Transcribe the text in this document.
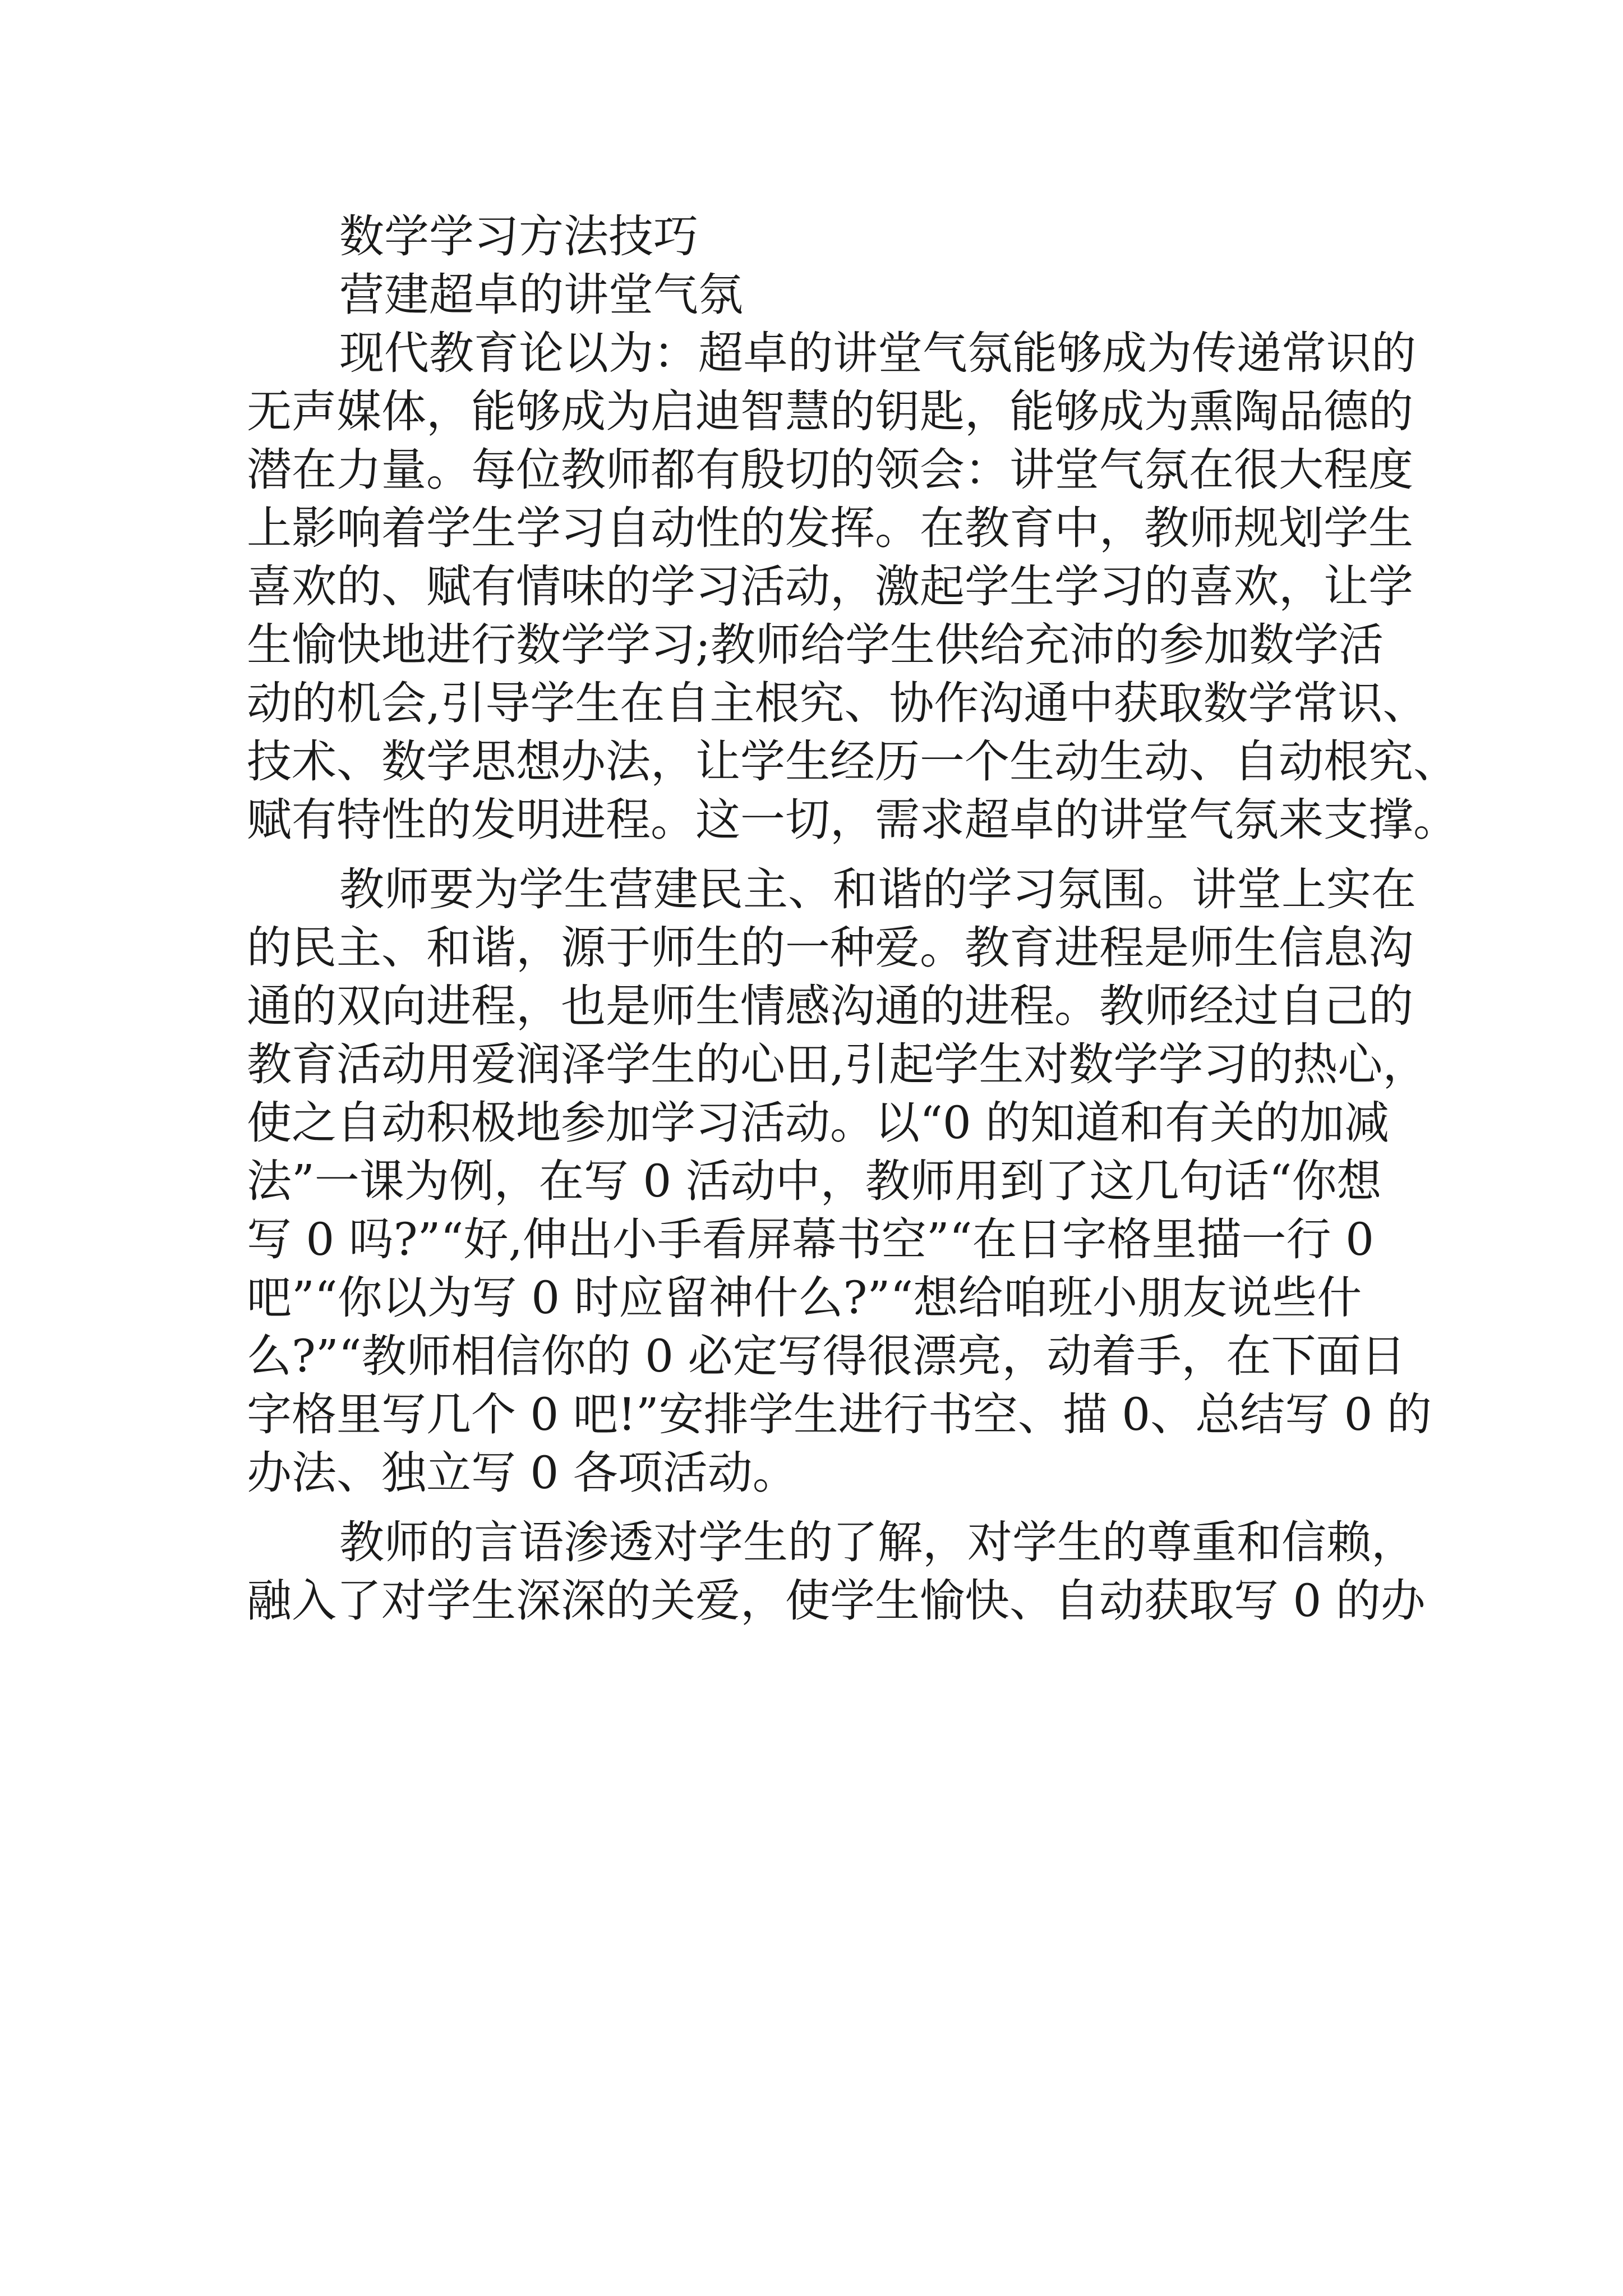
数学学习方法技巧

营建超卓的讲堂气氛

现代教育论以为：超卓的讲堂气氛能够成为传递常识的

无声媒体，能够成为启迪智慧的钥匙，能够成为熏陶品德的

潜在力量。每位教师都有殷切的领会：讲堂气氛在很大程度

上影响着学生学习自动性的发挥。在教育中，教师规划学生

喜欢的、赋有情味的学习活动，激起学生学习的喜欢，让学

生愉快地进行数学学习;教师给学生供给充沛的参加数学活

动的机会,引导学生在自主根究、协作沟通中获取数学常识、

技术、数学思想办法，让学生经历一个生动生动、自动根究、

赋有特性的发明进程。这一切，需求超卓的讲堂气氛来支撑。

教师要为学生营建民主、和谐的学习氛围。讲堂上实在

的民主、和谐，源于师生的一种爱。教育进程是师生信息沟

通的双向进程，也是师生情感沟通的进程。教师经过自己的

教育活动用爱润泽学生的心田,引起学生对数学学习的热心，

使之自动积极地参加学习活动。以“0 的知道和有关的加减

法”一课为例，在写 0 活动中，教师用到了这几句话“你想

写 0 吗?”“好,伸出小手看屏幕书空”“在日字格里描一行 0

吧”“你以为写 0 时应留神什么?”“想给咱班小朋友说些什

么?”“教师相信你的 0 必定写得很漂亮，动着手，在下面日

字格里写几个 0 吧!”安排学生进行书空、描 0、总结写 0 的

办法、独立写 0 各项活动。

教师的言语渗透对学生的了解，对学生的尊重和信赖，

融入了对学生深深的关爱，使学生愉快、自动获取写 0 的办
